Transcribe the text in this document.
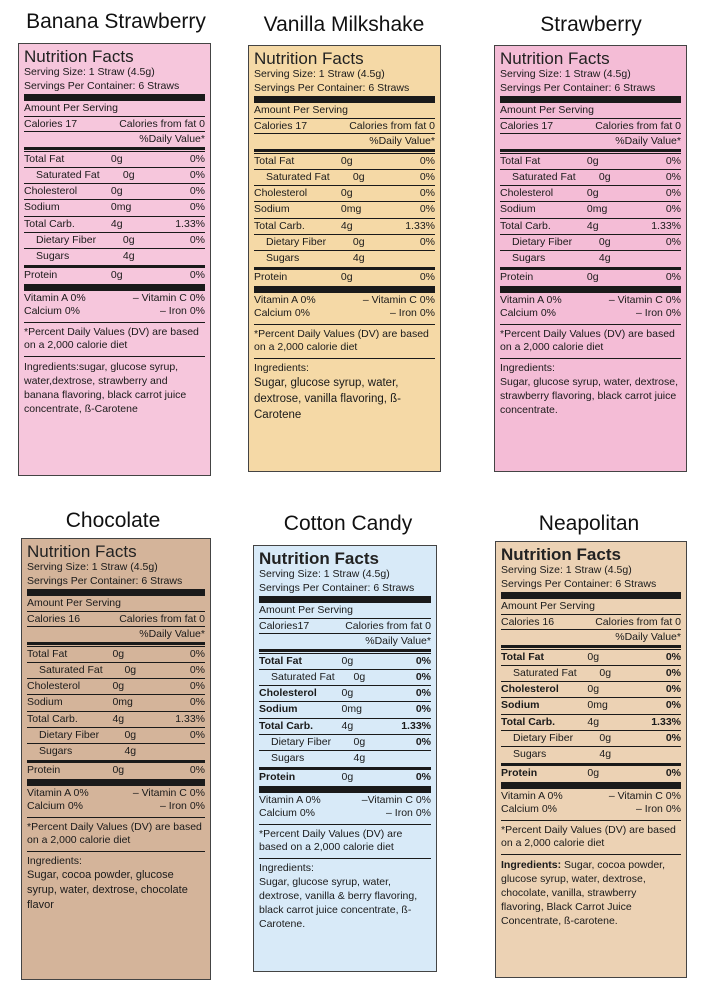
Banana Strawberry
Nutrition Facts
Serving Size: 1 Straw (4.5g)
Servings Per Container: 6 Straws
Amount Per Serving
Calories 17	Calories from fat 0
%Daily Value*
Total Fat	0g	0%
Saturated Fat	0g	0%
Cholesterol	0g	0%
Sodium	0mg	0%
Total Carb.	4g	1.33%
Dietary Fiber	0g	0%
Sugars	4g
Protein	0g	0%
Vitamin A 0%	– Vitamin C 0%
Calcium 0%	– Iron 0%
*Percent Daily Values (DV) are based on a 2,000 calorie diet
Ingredients:sugar, glucose syrup, water,dextrose, strawberry and banana flavoring, black carrot juice concentrate, ß-Carotene
Vanilla Milkshake
Nutrition Facts
Serving Size: 1 Straw (4.5g)
Servings Per Container: 6 Straws
Amount Per Serving
Calories 17	Calories from fat 0
%Daily Value*
Total Fat	0g	0%
Saturated Fat	0g	0%
Cholesterol	0g	0%
Sodium	0mg	0%
Total Carb.	4g	1.33%
Dietary Fiber	0g	0%
Sugars	4g
Protein	0g	0%
Vitamin A 0%	– Vitamin C 0%
Calcium 0%	– Iron 0%
*Percent Daily Values (DV) are based on a 2,000 calorie diet
Ingredients:
Sugar, glucose syrup, water, dextrose, vanilla flavoring, ß-Carotene
Strawberry
Nutrition Facts
Serving Size: 1 Straw (4.5g)
Servings Per Container: 6 Straws
Amount Per Serving
Calories 17	Calories from fat 0
%Daily Value*
Total Fat	0g	0%
Saturated Fat	0g	0%
Cholesterol	0g	0%
Sodium	0mg	0%
Total Carb.	4g	1.33%
Dietary Fiber	0g	0%
Sugars	4g
Protein	0g	0%
Vitamin A 0%	– Vitamin C 0%
Calcium 0%	– Iron 0%
*Percent Daily Values (DV) are based on a 2,000 calorie diet
Ingredients:
Sugar, glucose syrup, water, dextrose, strawberry flavoring, black carrot juice concentrate.
Chocolate
Nutrition Facts
Serving Size: 1 Straw (4.5g)
Servings Per Container: 6 Straws
Amount Per Serving
Calories 16	Calories from fat 0
%Daily Value*
Total Fat	0g	0%
Saturated Fat	0g	0%
Cholesterol	0g	0%
Sodium	0mg	0%
Total Carb.	4g	1.33%
Dietary Fiber	0g	0%
Sugars	4g
Protein	0g	0%
Vitamin A 0%	– Vitamin C 0%
Calcium 0%	– Iron 0%
*Percent Daily Values (DV) are based on a 2,000 calorie diet
Ingredients:
Sugar, cocoa powder, glucose syrup, water, dextrose, chocolate flavor
Cotton Candy
Nutrition Facts
Serving Size: 1 Straw (4.5g)
Servings Per Container: 6 Straws
Amount Per Serving
Calories17	Calories from fat 0
%Daily Value*
Total Fat	0g	0%
Saturated Fat	0g	0%
Cholesterol	0g	0%
Sodium	0mg	0%
Total Carb.	4g	1.33%
Dietary Fiber	0g	0%
Sugars	4g
Protein	0g	0%
Vitamin A 0%	–Vitamin C 0%
Calcium 0%	– Iron 0%
*Percent Daily Values (DV) are based on a 2,000 calorie diet
Ingredients:
Sugar, glucose syrup, water, dextrose, vanilla & berry flavoring, black carrot juice concentrate, ß-Carotene.
Neapolitan
Nutrition Facts
Serving Size: 1 Straw (4.5g)
Servings Per Container: 6 Straws
Amount Per Serving
Calories 16	Calories from fat 0
%Daily Value*
Total Fat	0g	0%
Saturated Fat	0g	0%
Cholesterol	0g	0%
Sodium	0mg	0%
Total Carb.	4g	1.33%
Dietary Fiber	0g	0%
Sugars	4g
Protein	0g	0%
Vitamin A 0%	– Vitamin C 0%
Calcium 0%	– Iron 0%
*Percent Daily Values (DV) are based on a 2,000 calorie diet
Ingredients: Sugar, cocoa powder, glucose syrup, water, dextrose, chocolate, vanilla, strawberry flavoring, Black Carrot Juice Concentrate, ß-carotene.
